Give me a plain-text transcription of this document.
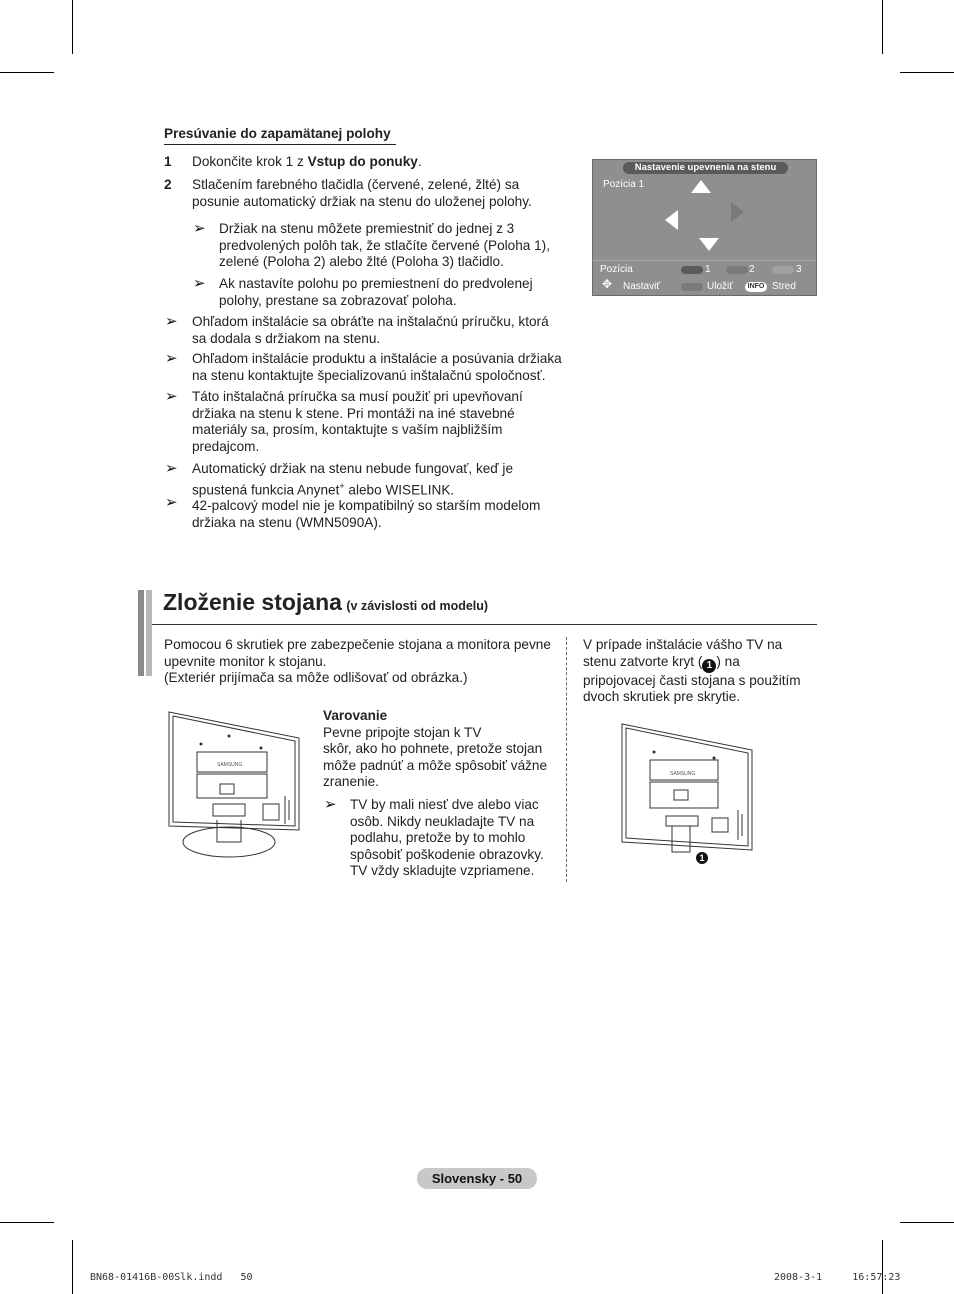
Presúvanie do zapamätanej polohy
1 Dokončite krok 1 z Vstup do ponuky.
2 Stlačením farebného tlačidla (červené, zelené, žlté) sa
posunie automatický držiak na stenu do uloženej polohy.
➢ Držiak na stenu môžete premiestniť do jednej z 3
predvolených polôh tak, že stlačíte červené (Poloha 1),
zelené (Poloha 2) alebo žlté (Poloha 3) tlačidlo.
➢ Ak nastavíte polohu po premiestnení do predvolenej
polohy, prestane sa zobrazovať poloha.
➢ Ohľadom inštalácie sa obráťte na inštalačnú príručku, ktorá
sa dodala s držiakom na stenu.
➢ Ohľadom inštalácie produktu a inštalácie a posúvania držiaka
na stenu kontaktujte špecializovanú inštalačnú spoločnosť.
➢ Táto inštalačná príručka sa musí použiť pri upevňovaní
držiaka na stenu k stene. Pri montáži na iné stavebné
materiály sa, prosím, kontaktujte s vaším najbližším
predajcom.
➢ Automatický držiak na stenu nebude fungovať, keď je
spustená funkcia Anynet+ alebo WISELINK.
➢ 42-palcový model nie je kompatibilný so starším modelom
držiaka na stenu (WMN5090A).
Nastavenie upevnenia na stenu
Pozícia 1
Pozícia	1	2	3
✥ Nastaviť	Uložiť	INFO Stred
Zloženie stojana (v závislosti od modelu)
Pomocou 6 skrutiek pre zabezpečenie stojana a monitora pevne
upevnite monitor k stojanu.
(Exteriér prijímača sa môže odlišovať od obrázka.)
SAMSUNG
Varovanie
Pevne pripojte stojan k TV
skôr, ako ho pohnete, pretože stojan
môže padnúť a môže spôsobiť vážne
zranenie.
➢ TV by mali niesť dve alebo viac
osôb. Nikdy neukladajte TV na
podlahu, pretože by to mohlo
spôsobiť poškodenie obrazovky.
TV vždy skladujte vzpriamene.
V prípade inštalácie vášho TV na
stenu zatvorte kryt ( 1 ) na
pripojovacej časti stojana s použitím
dvoch skrutiek pre skrytie.
SAMSUNG
1
Slovensky - 50
BN68-01416B-00Slk.indd   50	2008-3-1     16:57:23
